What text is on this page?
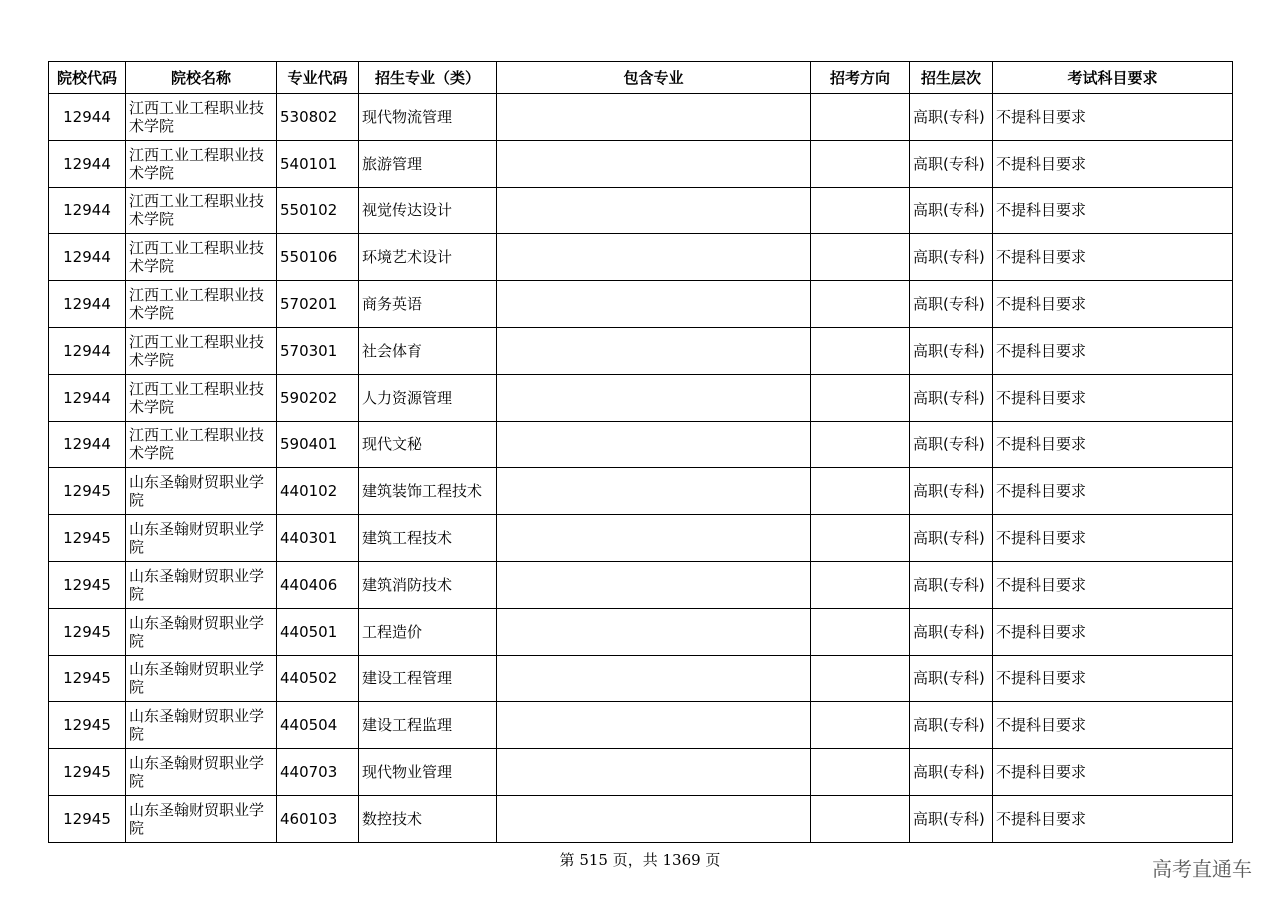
院校代码	院校名称	专业代码	招生专业（类）	包含专业	招考方向	招生层次	考试科目要求
12944	江西工业工程职业技术学院	530802	现代物流管理			高职(专科)	不提科目要求
12944	江西工业工程职业技术学院	540101	旅游管理			高职(专科)	不提科目要求
12944	江西工业工程职业技术学院	550102	视觉传达设计			高职(专科)	不提科目要求
12944	江西工业工程职业技术学院	550106	环境艺术设计			高职(专科)	不提科目要求
12944	江西工业工程职业技术学院	570201	商务英语			高职(专科)	不提科目要求
12944	江西工业工程职业技术学院	570301	社会体育			高职(专科)	不提科目要求
12944	江西工业工程职业技术学院	590202	人力资源管理			高职(专科)	不提科目要求
12944	江西工业工程职业技术学院	590401	现代文秘			高职(专科)	不提科目要求
12945	山东圣翰财贸职业学院	440102	建筑装饰工程技术			高职(专科)	不提科目要求
12945	山东圣翰财贸职业学院	440301	建筑工程技术			高职(专科)	不提科目要求
12945	山东圣翰财贸职业学院	440406	建筑消防技术			高职(专科)	不提科目要求
12945	山东圣翰财贸职业学院	440501	工程造价			高职(专科)	不提科目要求
12945	山东圣翰财贸职业学院	440502	建设工程管理			高职(专科)	不提科目要求
12945	山东圣翰财贸职业学院	440504	建设工程监理			高职(专科)	不提科目要求
12945	山东圣翰财贸职业学院	440703	现代物业管理			高职(专科)	不提科目要求
12945	山东圣翰财贸职业学院	460103	数控技术			高职(专科)	不提科目要求
第 515 页，共 1369 页	高考直通车
